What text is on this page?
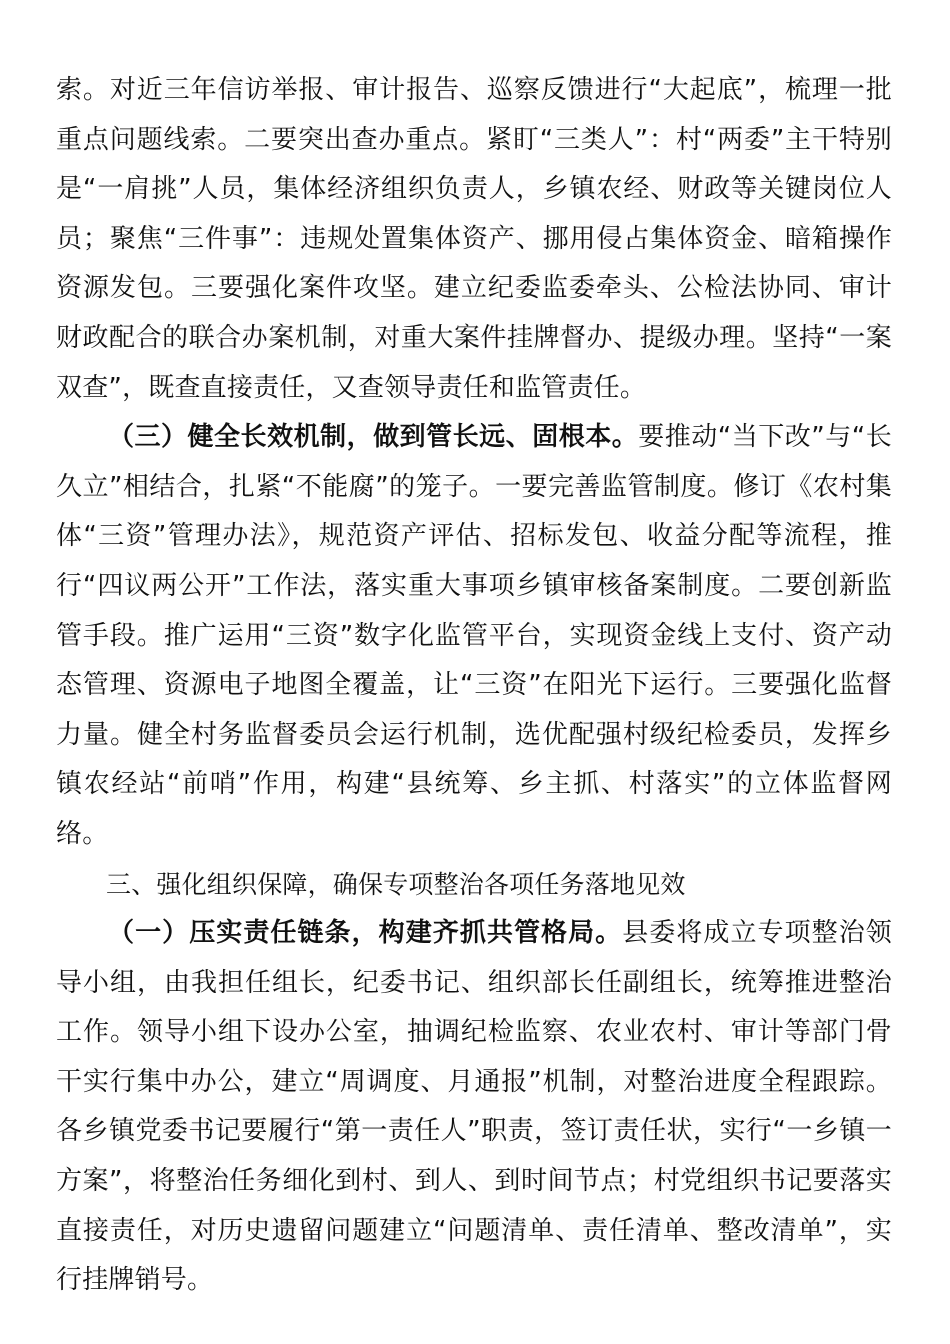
索。对近三年信访举报、审计报告、巡察反馈进行“大起底”，梳理一批重点问题线索。二要突出查办重点。紧盯“三类人”：村“两委”主干特别是“一肩挑”人员，集体经济组织负责人，乡镇农经、财政等关键岗位人员；聚焦“三件事”：违规处置集体资产、挪用侵占集体资金、暗箱操作资源发包。三要强化案件攻坚。建立纪委监委牵头、公检法协同、审计财政配合的联合办案机制，对重大案件挂牌督办、提级办理。坚持“一案双查”，既查直接责任，又查领导责任和监管责任。

（三）健全长效机制，做到管长远、固根本。要推动“当下改”与“长久立”相结合，扎紧“不能腐”的笼子。一要完善监管制度。修订《农村集体“三资”管理办法》，规范资产评估、招标发包、收益分配等流程，推行“四议两公开”工作法，落实重大事项乡镇审核备案制度。二要创新监管手段。推广运用“三资”数字化监管平台，实现资金线上支付、资产动态管理、资源电子地图全覆盖，让“三资”在阳光下运行。三要强化监督力量。健全村务监督委员会运行机制，选优配强村级纪检委员，发挥乡镇农经站“前哨”作用，构建“县统筹、乡主抓、村落实”的立体监督网络。

三、强化组织保障，确保专项整治各项任务落地见效

（一）压实责任链条，构建齐抓共管格局。县委将成立专项整治领导小组，由我担任组长，纪委书记、组织部长任副组长，统筹推进整治工作。领导小组下设办公室，抽调纪检监察、农业农村、审计等部门骨干实行集中办公，建立“周调度、月通报”机制，对整治进度全程跟踪。各乡镇党委书记要履行“第一责任人”职责，签订责任状，实行“一乡镇一方案”，将整治任务细化到村、到人、到时间节点；村党组织书记要落实直接责任，对历史遗留问题建立“问题清单、责任清单、整改清单”，实行挂牌销号。
